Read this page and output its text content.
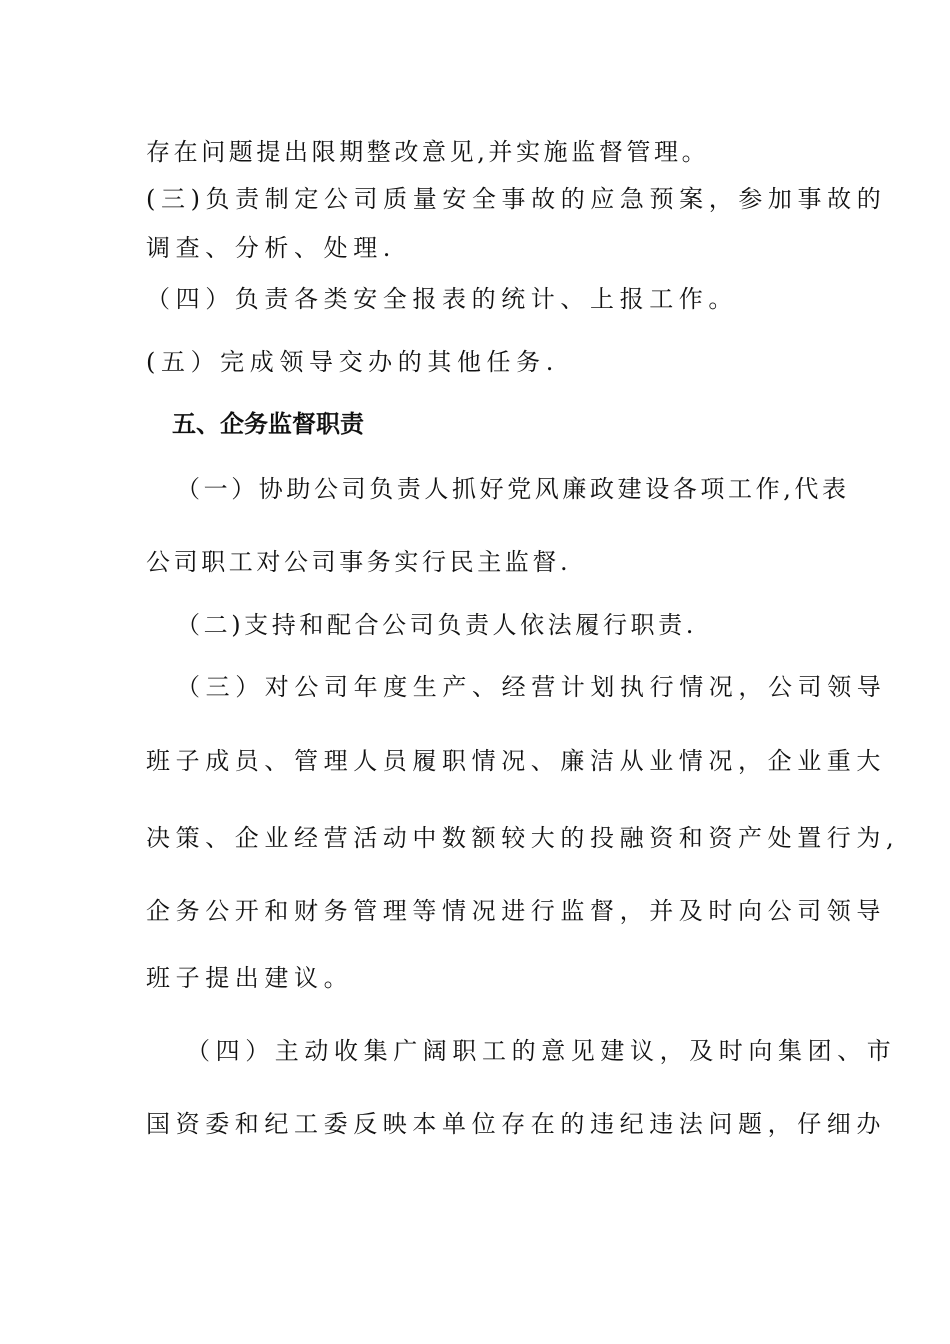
存在问题提出限期整改意见,并实施监督管理。
(三)负责制定公司质量安全事故的应急预案，参加事故的
调查、分析、处理.
（四）负责各类安全报表的统计、上报工作。
(五）完成领导交办的其他任务.
五、企务监督职责
（一）协助公司负责人抓好党风廉政建设各项工作,代表
公司职工对公司事务实行民主监督.
（二)支持和配合公司负责人依法履行职责.
（三）对公司年度生产、经营计划执行情况，公司领导
班子成员、管理人员履职情况、廉洁从业情况，企业重大
决策、企业经营活动中数额较大的投融资和资产处置行为,
企务公开和财务管理等情况进行监督，并及时向公司领导
班子提出建议。
（四）主动收集广阔职工的意见建议，及时向集团、市
国资委和纪工委反映本单位存在的违纪违法问题，仔细办
